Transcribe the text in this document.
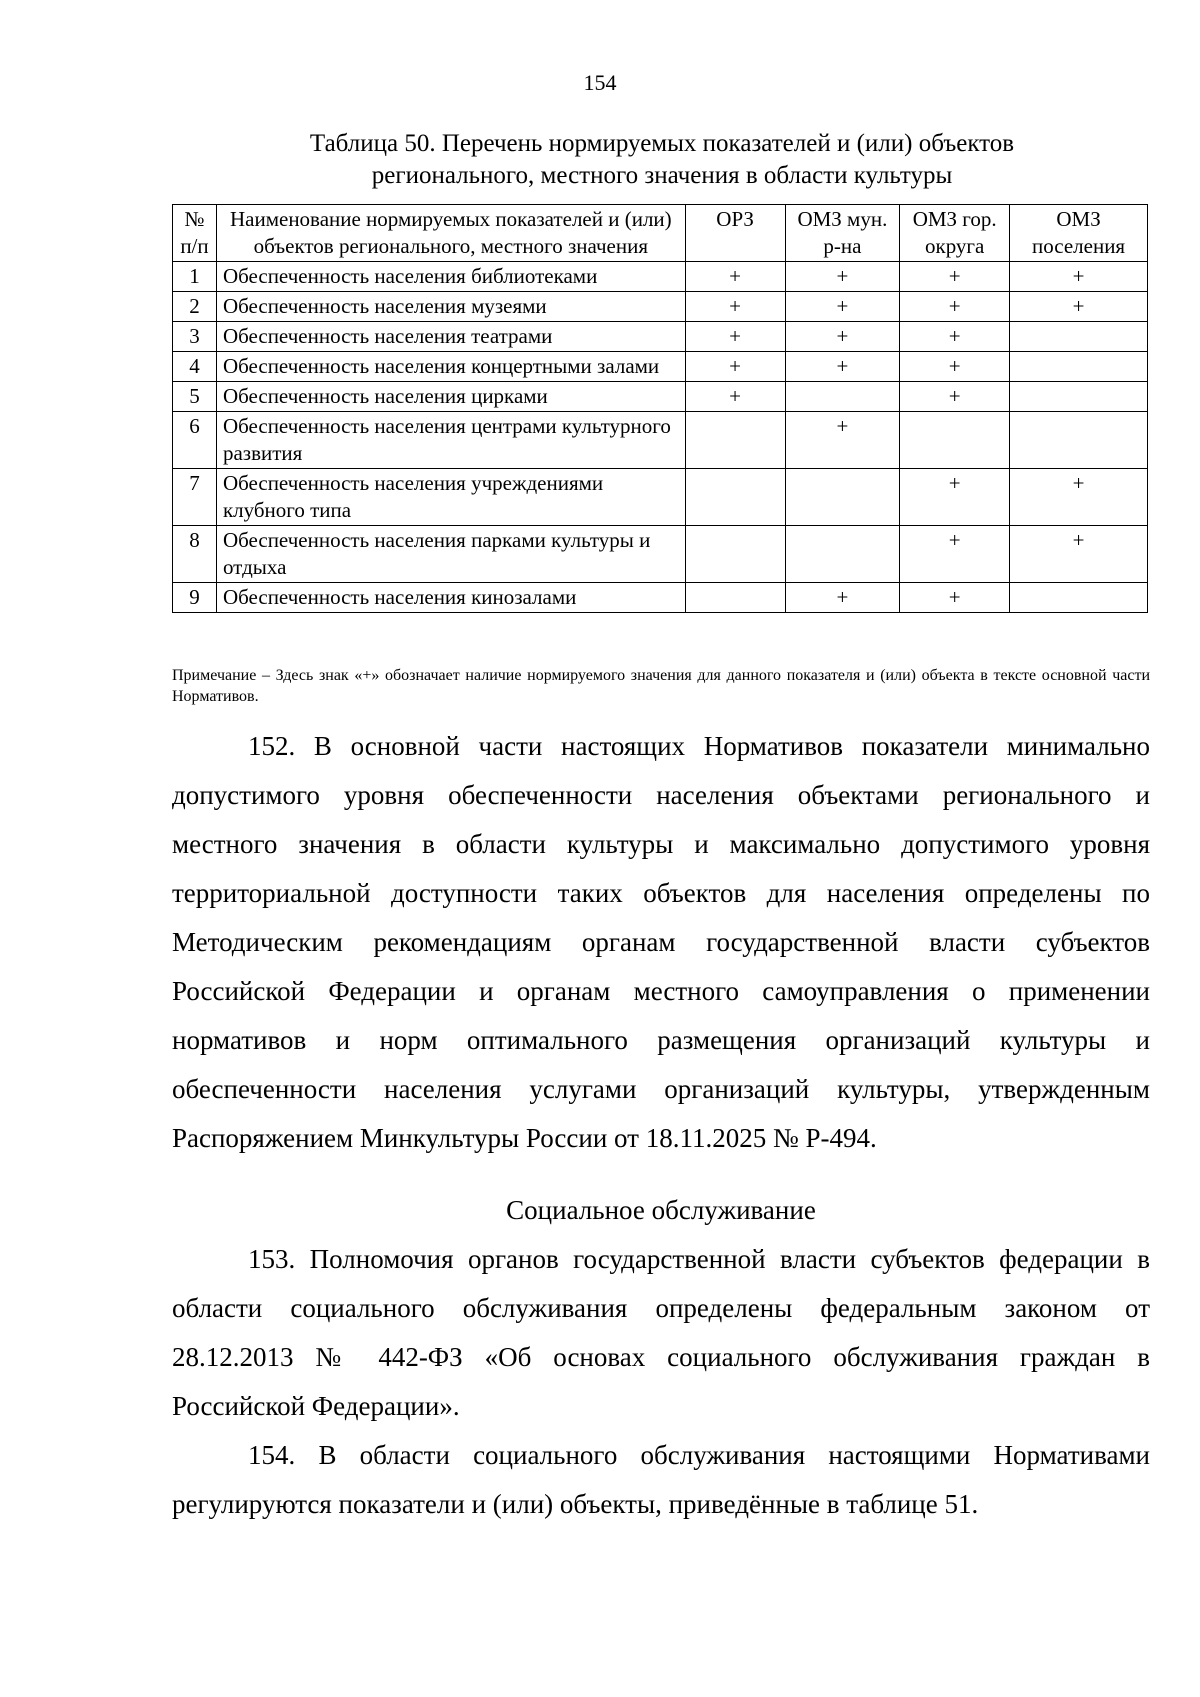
154
Таблица 50. Перечень нормируемых показателей и (или) объектов
регионального, местного значения в области культуры
№ п/п	Наименование нормируемых показателей и (или) объектов регионального, местного значения	ОРЗ	ОМЗ мун. р-на	ОМЗ гор. округа	ОМЗ поселения
1	Обеспеченность населения библиотеками	+	+	+	+
2	Обеспеченность населения музеями	+	+	+	+
3	Обеспеченность населения театрами	+	+	+	
4	Обеспеченность населения концертными залами	+	+	+	
5	Обеспеченность населения цирками	+		+	
6	Обеспеченность населения центрами культурного развития		+		
7	Обеспеченность населения учреждениями клубного типа			+	+
8	Обеспеченность населения парками культуры и отдыха			+	+
9	Обеспеченность населения кинозалами		+	+	
Примечание – Здесь знак «+» обозначает наличие нормируемого значения для данного показателя и (или) объекта в тексте основной части Нормативов.

152. В основной части настоящих Нормативов показатели минимально допустимого уровня обеспеченности населения объектами регионального и местного значения в области культуры и максимально допустимого уровня территориальной доступности таких объектов для населения определены по Методическим рекомендациям органам государственной власти субъектов Российской Федерации и органам местного самоуправления о применении нормативов и норм оптимального размещения организаций культуры и обеспеченности населения услугами организаций культуры, утвержденным Распоряжением Минкультуры России от 18.11.2025 № Р-494.

Социальное обслуживание

153. Полномочия органов государственной власти субъектов федерации в области социального обслуживания определены федеральным законом от 28.12.2013 № 442-ФЗ «Об основах социального обслуживания граждан в Российской Федерации».

154. В области социального обслуживания настоящими Нормативами регулируются показатели и (или) объекты, приведённые в таблице 51.
